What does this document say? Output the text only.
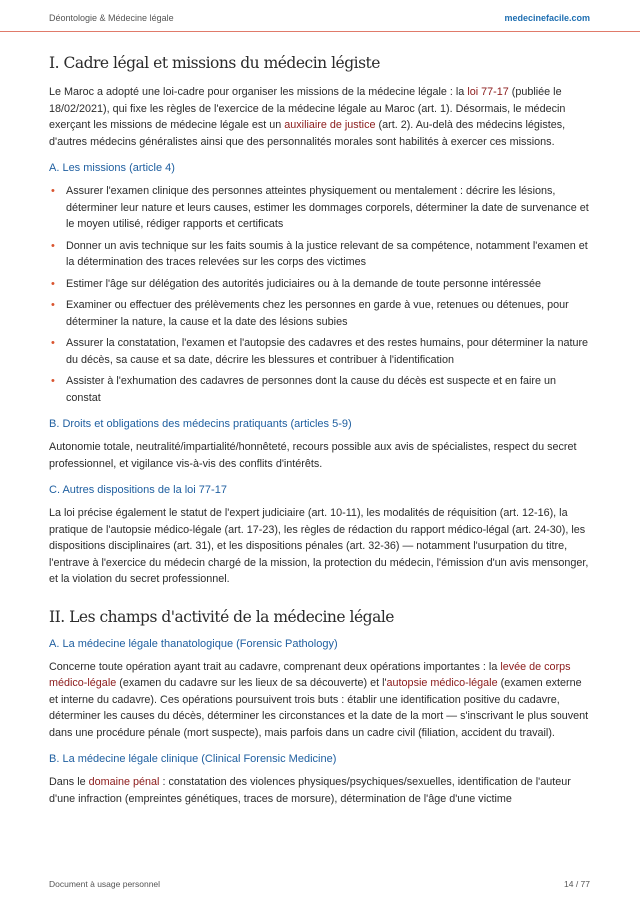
Déontologie & Médecine légale	medecinefacile.com
I. Cadre légal et missions du médecin légiste

Le Maroc a adopté une loi-cadre pour organiser les missions de la médecine légale : la loi 77-17 (publiée le 18/02/2021), qui fixe les règles de l'exercice de la médecine légale au Maroc (art. 1). Désormais, le médecin exerçant les missions de médecine légale est un auxiliaire de justice (art. 2). Au-delà des médecins légistes, d'autres médecins généralistes ainsi que des personnalités morales sont habilités à exercer ces missions.

A. Les missions (article 4)
• Assurer l'examen clinique des personnes atteintes physiquement ou mentalement : décrire les lésions, déterminer leur nature et leurs causes, estimer les dommages corporels, déterminer la date de survenance et le moyen utilisé, rédiger rapports et certificats
• Donner un avis technique sur les faits soumis à la justice relevant de sa compétence, notamment l'examen et la détermination des traces relevées sur les corps des victimes
• Estimer l'âge sur délégation des autorités judiciaires ou à la demande de toute personne intéressée
• Examiner ou effectuer des prélèvements chez les personnes en garde à vue, retenues ou détenues, pour déterminer la nature, la cause et la date des lésions subies
• Assurer la constatation, l'examen et l'autopsie des cadavres et des restes humains, pour déterminer la nature du décès, sa cause et sa date, décrire les blessures et contribuer à l'identification
• Assister à l'exhumation des cadavres de personnes dont la cause du décès est suspecte et en faire un constat
B. Droits et obligations des médecins pratiquants (articles 5-9)

Autonomie totale, neutralité/impartialité/honnêteté, recours possible aux avis de spécialistes, respect du secret professionnel, et vigilance vis-à-vis des conflits d'intérêts.

C. Autres dispositions de la loi 77-17

La loi précise également le statut de l'expert judiciaire (art. 10-11), les modalités de réquisition (art. 12-16), la pratique de l'autopsie médico-légale (art. 17-23), les règles de rédaction du rapport médico-légal (art. 24-30), les dispositions disciplinaires (art. 31), et les dispositions pénales (art. 32-36) — notamment l'usurpation du titre, l'entrave à l'exercice du médecin chargé de la mission, la protection du médecin, l'émission d'un avis mensonger, et la violation du secret professionnel.

II. Les champs d'activité de la médecine légale
A. La médecine légale thanatologique (Forensic Pathology)

Concerne toute opération ayant trait au cadavre, comprenant deux opérations importantes : la levée de corps médico-légale (examen du cadavre sur les lieux de sa découverte) et l'autopsie médico-légale (examen externe et interne du cadavre). Ces opérations poursuivent trois buts : établir une identification positive du cadavre, déterminer les causes du décès, déterminer les circonstances et la date de la mort — s'inscrivant le plus souvent dans une procédure pénale (mort suspecte), mais parfois dans un cadre civil (filiation, accident du travail).

B. La médecine légale clinique (Clinical Forensic Medicine)

Dans le domaine pénal : constatation des violences physiques/psychiques/sexuelles, identification de l'auteur d'une infraction (empreintes génétiques, traces de morsure), détermination de l'âge d'une victime

Document à usage personnel	14 / 77
